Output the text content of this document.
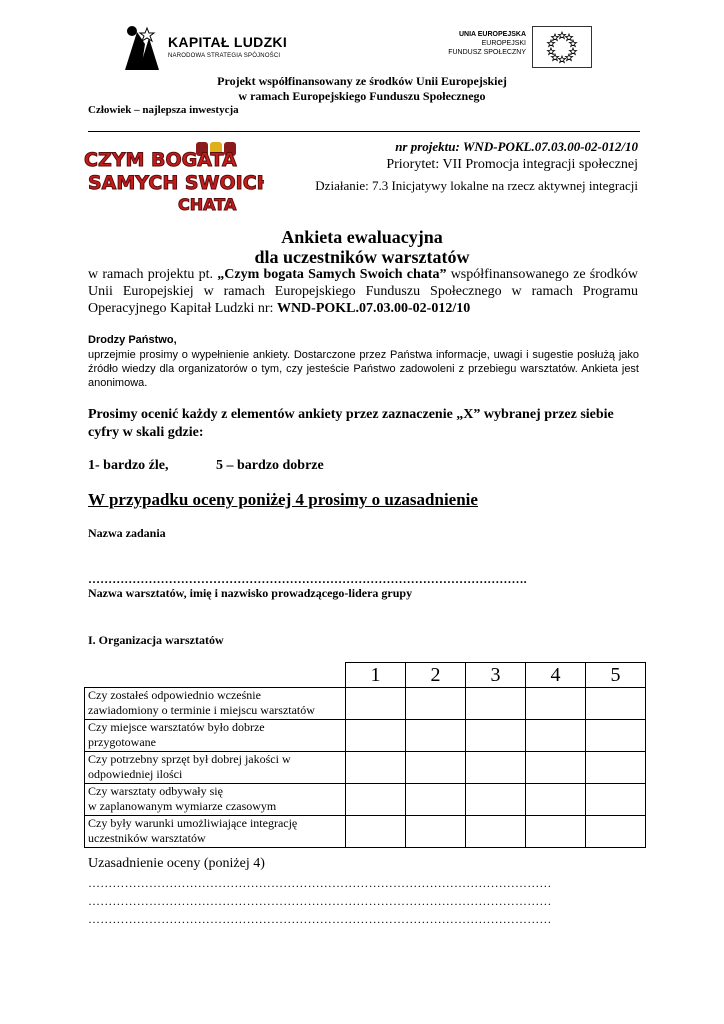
KAPITAŁ LUDZKI
NARODOWA STRATEGIA SPÓJNOŚCI
UNIA EUROPEJSKA
EUROPEJSKI
FUNDUSZ SPOŁECZNY
Projekt współfinansowany ze środków Unii Europejskiej
w ramach Europejskiego Funduszu Społecznego
Człowiek – najlepsza inwestycja
CZYM BOGATA
SAMYCH SWOICH
CHATA
nr projektu: WND-POKL.07.03.00-02-012/10
Priorytet: VII Promocja integracji społecznej
Działanie: 7.3 Inicjatywy lokalne na rzecz aktywnej integracji
Ankieta ewaluacyjna
dla uczestników warsztatów
w ramach projektu pt. „Czym bogata Samych Swoich chata” współfinansowanego ze środków Unii Europejskiej w ramach Europejskiego Funduszu Społecznego w ramach Programu Operacyjnego Kapitał Ludzki nr: WND-POKL.07.03.00-02-012/10
Drodzy Państwo,
uprzejmie prosimy o wypełnienie ankiety. Dostarczone przez Państwa informacje, uwagi i sugestie posłużą jako źródło wiedzy dla organizatorów o tym, czy jesteście Państwo zadowoleni z przebiegu warsztatów. Ankieta jest anonimowa.
Prosimy ocenić każdy z elementów ankiety przez zaznaczenie „X” wybranej przez siebie cyfry w skali gdzie:
1- bardzo źle,	5 – bardzo dobrze
W przypadku oceny poniżej 4 prosimy o uzasadnienie
Nazwa zadania
……………………………………………………………………………………………….
Nazwa warsztatów, imię i nazwisko prowadzącego-lidera grupy
I. Organizacja warsztatów
	1	2	3	4	5

Czy zostałeś odpowiednio wcześnie
zawiadomiony o terminie i miejscu warsztatów					

Czy miejsce warsztatów było dobrze
przygotowane					

Czy potrzebny sprzęt był dobrej jakości w
odpowiedniej ilości					

Czy warsztaty odbywały się
w zaplanowanym wymiarze czasowym					

Czy były warunki umożliwiające integrację
uczestników warsztatów					

Uzasadnienie oceny (poniżej 4)
……………………………………………………………………………………………………
……………………………………………………………………………………………………
……………………………………………………………………………………………………
